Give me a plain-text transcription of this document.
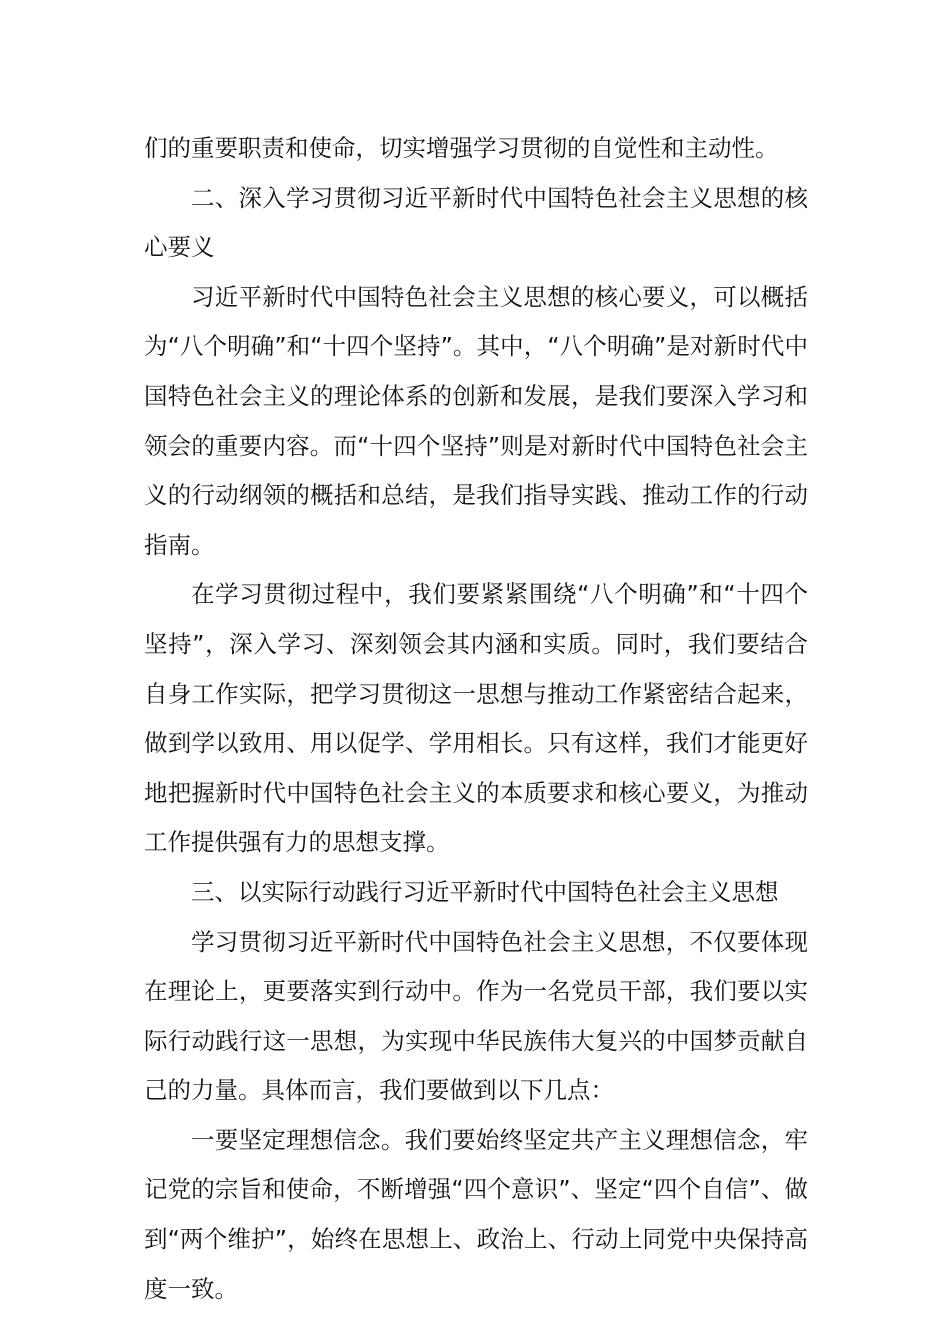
们的重要职责和使命，切实增强学习贯彻的自觉性和主动性。

二、深入学习贯彻习近平新时代中国特色社会主义思想的核心要义

习近平新时代中国特色社会主义思想的核心要义，可以概括为“八个明确”和“十四个坚持”。其中，“八个明确”是对新时代中国特色社会主义的理论体系的创新和发展，是我们要深入学习和领会的重要内容。而“十四个坚持”则是对新时代中国特色社会主义的行动纲领的概括和总结，是我们指导实践、推动工作的行动指南。

在学习贯彻过程中，我们要紧紧围绕“八个明确”和“十四个坚持”，深入学习、深刻领会其内涵和实质。同时，我们要结合自身工作实际，把学习贯彻这一思想与推动工作紧密结合起来，做到学以致用、用以促学、学用相长。只有这样，我们才能更好地把握新时代中国特色社会主义的本质要求和核心要义，为推动工作提供强有力的思想支撑。

三、以实际行动践行习近平新时代中国特色社会主义思想

学习贯彻习近平新时代中国特色社会主义思想，不仅要体现在理论上，更要落实到行动中。作为一名党员干部，我们要以实际行动践行这一思想，为实现中华民族伟大复兴的中国梦贡献自己的力量。具体而言，我们要做到以下几点：

一要坚定理想信念。我们要始终坚定共产主义理想信念，牢记党的宗旨和使命，不断增强“四个意识”、坚定“四个自信”、做到“两个维护”，始终在思想上、政治上、行动上同党中央保持高度一致。
